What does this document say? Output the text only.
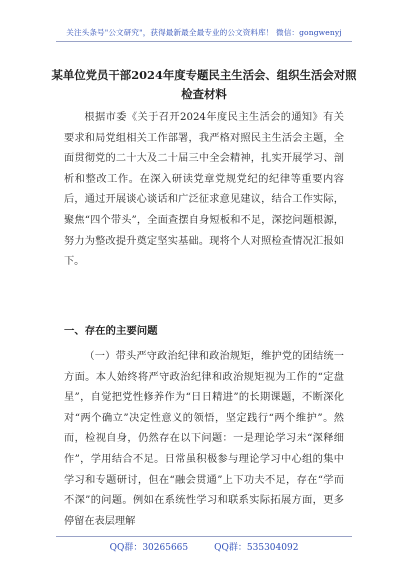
关注头条号"公文研究"，获得最新最全最专业的公文资料库！ 微信：gongwenyj
某单位党员干部2024年度专题民主生活会、组织生活会对照检查材料
根据市委《关于召开2024年度民主生活会的通知》有关要求和局党组相关工作部署，我严格对照民主生活会主题，全面贯彻党的二十大及二十届三中全会精神，扎实开展学习、剖析和整改工作。在深入研读党章党规党纪的纪律等重要内容后，通过开展谈心谈话和广泛征求意见建议，结合工作实际，聚焦“四个带头”，全面查摆自身短板和不足，深挖问题根源，努力为整改提升奠定坚实基础。现将个人对照检查情况汇报如下。
一、存在的主要问题
（一）带头严守政治纪律和政治规矩，维护党的团结统一方面。本人始终将严守政治纪律和政治规矩视为工作的“定盘星”，自觉把党性修养作为“日日精进”的长期课题，不断深化对“两个确立”决定性意义的领悟，坚定践行“两个维护”。然而，检视自身，仍然存在以下问题：一是理论学习未“深释细作”，学用结合不足。日常虽积极参与理论学习中心组的集中学习和专题研讨，但在“融会贯通”上下功夫不足，存在“学而不深”的问题。例如在系统性学习和联系实际拓展方面，更多停留在表层理解
QQ群：30265665	QQ群：535304092
